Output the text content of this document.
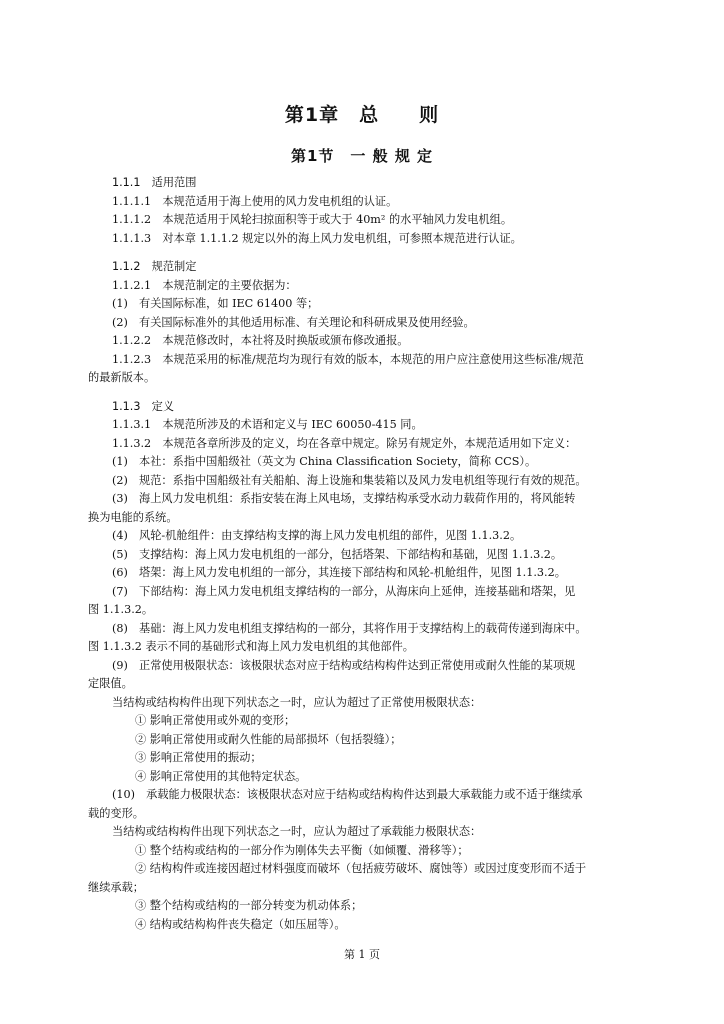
第1章　总　　则
第1节　一 般 规 定

1.1.1　适用范围

1.1.1.1　本规范适用于海上使用的风力发电机组的认证。

1.1.1.2　本规范适用于风轮扫掠面积等于或大于 40m² 的水平轴风力发电机组。

1.1.1.3　对本章 1.1.1.2 规定以外的海上风力发电机组，可参照本规范进行认证。

1.1.2　规范制定

1.1.2.1　本规范制定的主要依据为：

(1)　有关国际标准，如 IEC 61400 等；

(2)　有关国际标准外的其他适用标准、有关理论和科研成果及使用经验。

1.1.2.2　本规范修改时，本社将及时换版或颁布修改通报。

1.1.2.3　本规范采用的标准/规范均为现行有效的版本，本规范的用户应注意使用这些标准/规范

的最新版本。

1.1.3　定义

1.1.3.1　本规范所涉及的术语和定义与 IEC 60050-415 同。

1.1.3.2　本规范各章所涉及的定义，均在各章中规定。除另有规定外，本规范适用如下定义：

(1)　本社：系指中国船级社（英文为 China Classification Society，简称 CCS）。

(2)　规范：系指中国船级社有关船舶、海上设施和集装箱以及风力发电机组等现行有效的规范。

(3)　海上风力发电机组：系指安装在海上风电场，支撑结构承受水动力载荷作用的，将风能转

换为电能的系统。

(4)　风轮-机舱组件：由支撑结构支撑的海上风力发电机组的部件，见图 1.1.3.2。

(5)　支撑结构：海上风力发电机组的一部分，包括塔架、下部结构和基础，见图 1.1.3.2。

(6)　塔架：海上风力发电机组的一部分，其连接下部结构和风轮-机舱组件，见图 1.1.3.2。

(7)　下部结构：海上风力发电机组支撑结构的一部分，从海床向上延伸，连接基础和塔架，见

图 1.1.3.2。

(8)　基础：海上风力发电机组支撑结构的一部分，其将作用于支撑结构上的载荷传递到海床中。

图 1.1.3.2 表示不同的基础形式和海上风力发电机组的其他部件。

(9)　正常使用极限状态：该极限状态对应于结构或结构构件达到正常使用或耐久性能的某项规

定限值。

当结构或结构构件出现下列状态之一时，应认为超过了正常使用极限状态：

① 影响正常使用或外观的变形；

② 影响正常使用或耐久性能的局部损坏（包括裂缝）；

③ 影响正常使用的振动；

④ 影响正常使用的其他特定状态。

(10)　承载能力极限状态：该极限状态对应于结构或结构构件达到最大承载能力或不适于继续承

载的变形。

当结构或结构构件出现下列状态之一时，应认为超过了承载能力极限状态：

① 整个结构或结构的一部分作为刚体失去平衡（如倾覆、滑移等）；

② 结构构件或连接因超过材料强度而破坏（包括疲劳破坏、腐蚀等）或因过度变形而不适于

继续承载；

③ 整个结构或结构的一部分转变为机动体系；

④ 结构或结构构件丧失稳定（如压屈等）。

第 1 页
